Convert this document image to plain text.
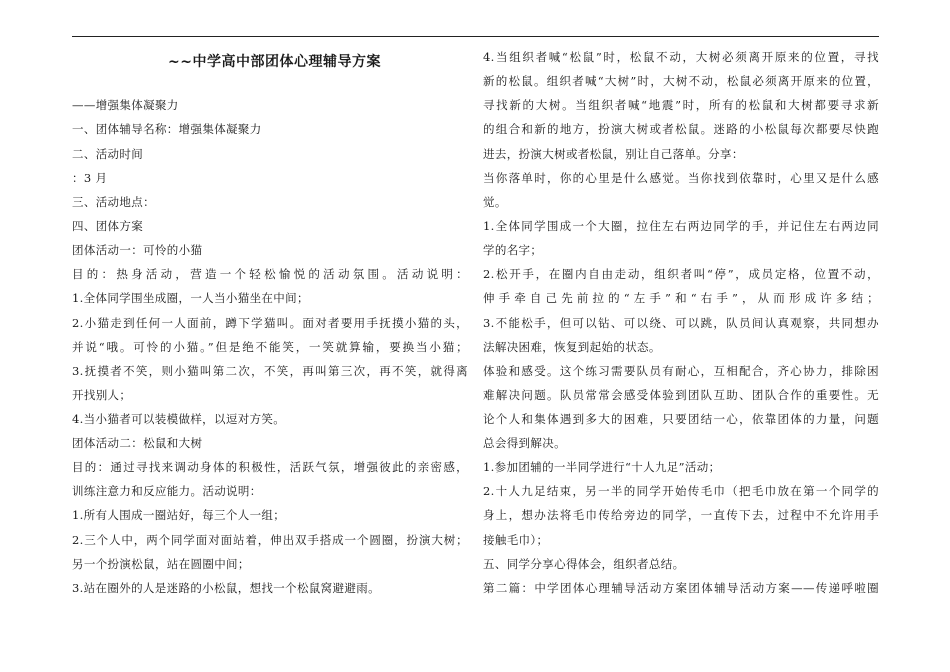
~~中学高中部团体心理辅导方案
——增强集体凝聚力
一、团体辅导名称：增强集体凝聚力
二、活动时间
：3 月
三、活动地点：
四、团体方案
团体活动一：可怜的小猫
目的：热身活动，营造一个轻松愉悦的活动氛围。活动说明：
1.全体同学围坐成圈，一人当小猫坐在中间；
2.小猫走到任何一人面前，蹲下学猫叫。面对者要用手抚摸小猫的头，
并说“哦。可怜的小猫。”但是绝不能笑，一笑就算输，要换当小猫；
3.抚摸者不笑，则小猫叫第二次，不笑，再叫第三次，再不笑，就得离
开找别人；
4.当小猫者可以装模做样，以逗对方笑。
团体活动二：松鼠和大树
目的：通过寻找来调动身体的积极性，活跃气氛，增强彼此的亲密感，
训练注意力和反应能力。活动说明：
1.所有人围成一圈站好，每三个人一组；
2.三个人中，两个同学面对面站着，伸出双手搭成一个圆圈，扮演大树；
另一个扮演松鼠，站在圆圈中间；
3.站在圈外的人是迷路的小松鼠，想找一个松鼠窝避避雨。
4.当组织者喊“松鼠”时，松鼠不动，大树必须离开原来的位置，寻找
新的松鼠。组织者喊“大树”时，大树不动，松鼠必须离开原来的位置，
寻找新的大树。当组织者喊“地震”时，所有的松鼠和大树都要寻求新
的组合和新的地方，扮演大树或者松鼠。迷路的小松鼠每次都要尽快跑
进去，扮演大树或者松鼠，别让自己落单。分享：
当你落单时，你的心里是什么感觉。当你找到依靠时，心里又是什么感
觉。
1.全体同学围成一个大圈，拉住左右两边同学的手，并记住左右两边同
学的名字；
2.松开手，在圈内自由走动，组织者叫“停”，成员定格，位置不动，
伸手牵自己先前拉的“左手”和“右手”，从而形成许多结；
3.不能松手，但可以钻、可以绕、可以跳，队员间认真观察，共同想办
法解决困难，恢复到起始的状态。
体验和感受。这个练习需要队员有耐心，互相配合，齐心协力，排除困
难解决问题。队员常常会感受体验到团队互助、团队合作的重要性。无
论个人和集体遇到多大的困难，只要团结一心，依靠团体的力量，问题
总会得到解决。
1.参加团辅的一半同学进行“十人九足”活动；
2.十人九足结束，另一半的同学开始传毛巾（把毛巾放在第一个同学的
身上，想办法将毛巾传给旁边的同学，一直传下去，过程中不允许用手
接触毛巾）；
五、同学分享心得体会，组织者总结。
第二篇：中学团体心理辅导活动方案团体辅导活动方案——传递呼啦圈
